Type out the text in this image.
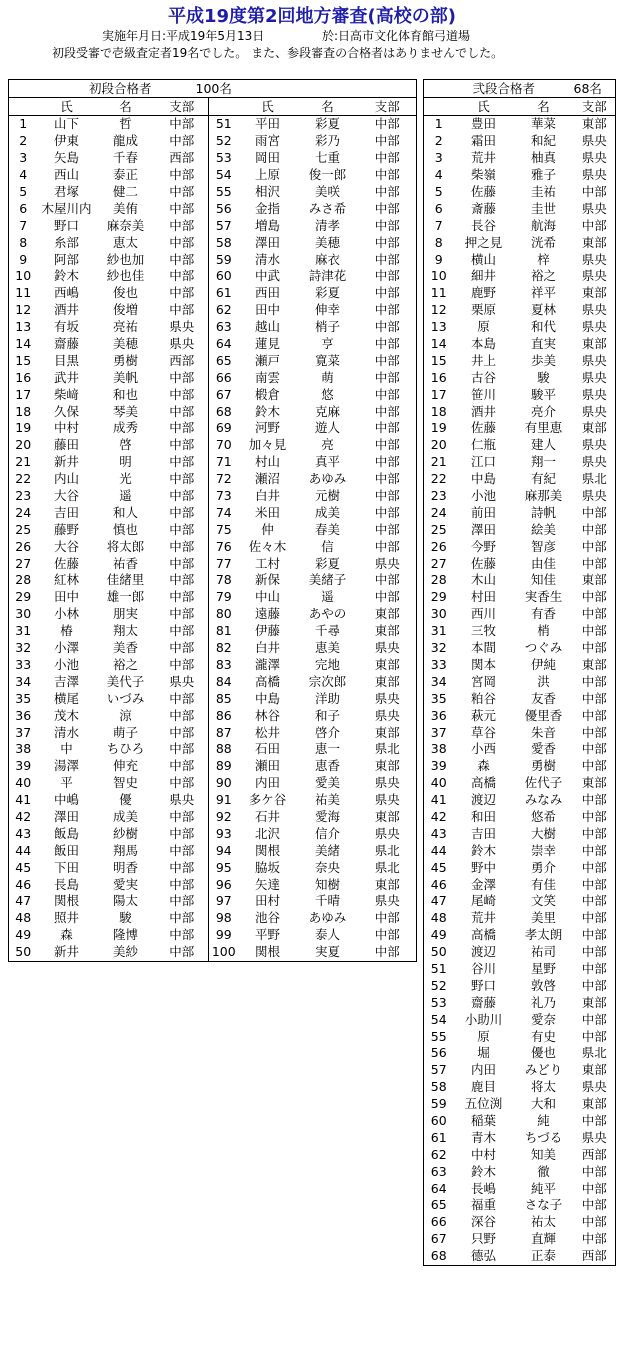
平成19度第2回地方審査(高校の部)
実施年月日:平成19年5月13日	於:日高市文化体育館弓道場
初段受審で壱級査定者19名でした。 また、参段審査の合格者はありませんでした。
初段合格者			100名				
	氏	名	支部		氏	名	支部
1	山下	哲	中部	51	平田	彩夏	中部
2	伊東	龍成	中部	52	雨宮	彩乃	中部
3	矢島	千春	西部	53	岡田	七重	中部
4	西山	泰正	中部	54	上原	俊一郎	中部
5	君塚	健二	中部	55	相沢	美咲	中部
6	木屋川内	美侑	中部	56	金指	みさ希	中部
7	野口	麻奈美	中部	57	増島	清孝	中部
8	糸部	恵太	中部	58	澤田	美穂	中部
9	阿部	紗也加	中部	59	清水	麻衣	中部
10	鈴木	紗也佳	中部	60	中武	詩津花	中部
11	西嶋	俊也	中部	61	西田	彩夏	中部
12	酒井	俊増	中部	62	田中	伸幸	中部
13	有坂	亮祐	県央	63	越山	梢子	中部
14	齋藤	美穂	県央	64	蓮見	亨	中部
15	目黒	勇樹	西部	65	瀬戸	寛菜	中部
16	武井	美帆	中部	66	南雲	萌	中部
17	柴﨑	和也	中部	67	椴倉	悠	中部
18	久保	琴美	中部	68	鈴木	克麻	中部
19	中村	成秀	中部	69	河野	遊人	中部
20	藤田	啓	中部	70	加々見	亮	中部
21	新井	明	中部	71	村山	真平	中部
22	内山	光	中部	72	瀬沼	あゆみ	中部
23	大谷	遥	中部	73	白井	元樹	中部
24	吉田	和人	中部	74	米田	成美	中部
25	藤野	慎也	中部	75	仲	春美	中部
26	大谷	将太郎	中部	76	佐々木	信	中部
27	佐藤	祐香	中部	77	工村	彩夏	県央
28	紅林	佳緒里	中部	78	新保	美緒子	中部
29	田中	雄一郎	中部	79	中山	遥	中部
30	小林	朋実	中部	80	遠藤	あやの	東部
31	椿	翔太	中部	81	伊藤	千尋	東部
32	小澤	美香	中部	82	白井	恵美	県央
33	小池	裕之	中部	83	瀧澤	完地	東部
34	吉澤	美代子	県央	84	高橋	宗次郎	東部
35	横尾	いづみ	中部	85	中島	洋助	県央
36	茂木	涼	中部	86	林谷	和子	県央
37	清水	萌子	中部	87	松井	啓介	東部
38	中	ちひろ	中部	88	石田	恵一	県北
39	湯澤	伸充	中部	89	瀬田	恵香	東部
40	平	智史	中部	90	内田	愛美	県央
41	中嶋	優	県央	91	多ケ谷	祐美	県央
42	澤田	成美	中部	92	石井	愛海	東部
43	飯島	紗樹	中部	93	北沢	信介	県央
44	飯田	翔馬	中部	94	関根	美緒	県北
45	下田	明香	中部	95	脇坂	奈央	県北
46	長島	愛実	中部	96	矢達	知樹	東部
47	関根	陽太	中部	97	田村	千晴	県央
48	照井	駿	中部	98	池谷	あゆみ	中部
49	森	隆博	中部	99	平野	泰人	中部
50	新井	美紗	中部	100	関根	実夏	中部
弐段合格者			68名
	氏	名	支部
1	豊田	華菜	東部
2	霜田	和紀	県央
3	荒井	柚真	県央
4	柴嶺	雅子	県央
5	佐藤	圭祐	中部
6	斎藤	圭世	県央
7	長谷	航海	中部
8	押之見	洸希	東部
9	横山	梓	県央
10	細井	裕之	県央
11	鹿野	祥平	東部
12	栗原	夏林	県央
13	原	和代	県央
14	本島	直実	東部
15	井上	歩美	県央
16	古谷	駿	県央
17	笹川	駿平	県央
18	酒井	亮介	県央
19	佐藤	有里恵	東部
20	仁瓶	建人	県央
21	江口	翔一	県央
22	中島	有紀	県北
23	小池	麻那美	県央
24	前田	詩帆	中部
25	澤田	絵美	中部
26	今野	智彦	中部
27	佐藤	由佳	中部
28	木山	知佳	東部
29	村田	実香生	中部
30	西川	有香	中部
31	三牧	梢	中部
32	本間	つぐみ	中部
33	関本	伊純	東部
34	宮岡	洪	中部
35	粕谷	友香	中部
36	萩元	優里香	中部
37	草谷	朱音	中部
38	小西	愛香	中部
39	森	勇樹	中部
40	高橋	佐代子	東部
41	渡辺	みなみ	中部
42	和田	悠希	中部
43	吉田	大樹	中部
44	鈴木	崇幸	中部
45	野中	勇介	中部
46	金澤	有佳	中部
47	尾崎	文笑	中部
48	荒井	美里	中部
49	高橋	孝太朗	中部
50	渡辺	祐司	中部
51	谷川	星野	中部
52	野口	敦啓	中部
53	齋藤	礼乃	東部
54	小助川	愛奈	中部
55	原	有史	中部
56	堀	優也	県北
57	内田	みどり	東部
58	鹿目	将太	県央
59	五位渕	大和	東部
60	稲葉	純	中部
61	青木	ちづる	県央
62	中村	知美	西部
63	鈴木	徹	中部
64	長嶋	純平	中部
65	福重	さな子	中部
66	深谷	祐太	中部
67	只野	直輝	中部
68	德弘	正泰	西部
